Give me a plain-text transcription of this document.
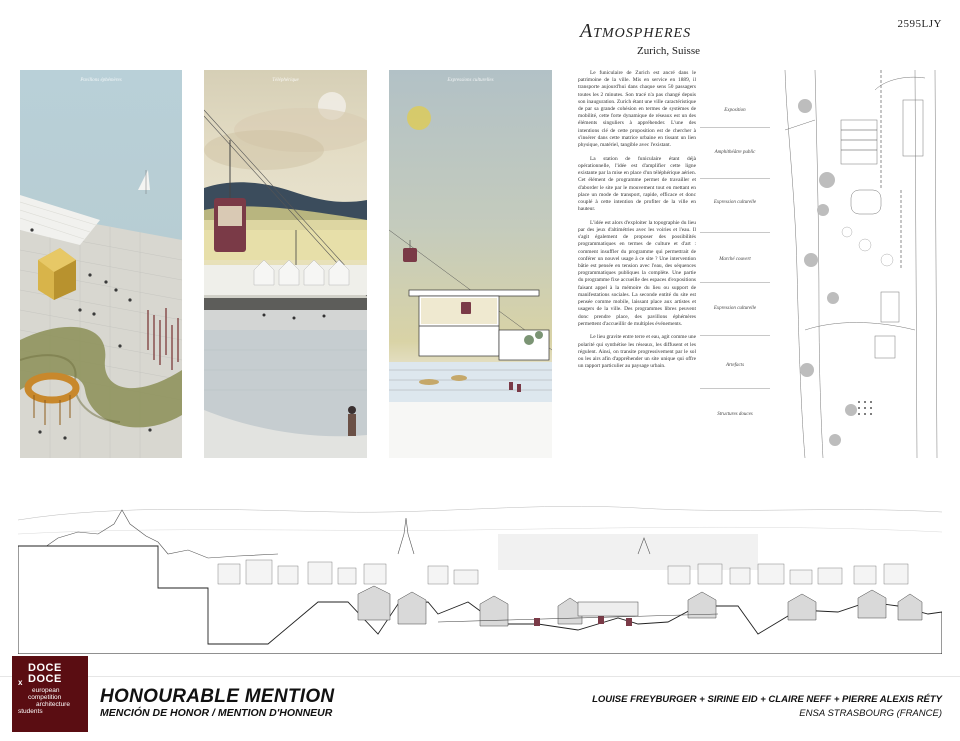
2595LJY
Atmospheres
Zurich, Suisse
Pavillons éphémères	Téléphérique	Expressions culturelles

Le funiculaire de Zurich est ancré dans le patrimoine de la ville. Mis en service en 1889, il transporte aujourd'hui dans chaque sens 50 passagers toutes les 2 minutes. Son tracé n'a pas changé depuis son inauguration. Zurich étant une ville caractéristique de par sa grande cohésion en termes de systèmes de mobilité, cette forte dynamique de réseaux est un des éléments singuliers à appréhender. L'une des intentions clé de cette proposition est de chercher à s'insérer dans cette matrice urbaine en tissant un lien physique, matériel, tangible avec l'existant.

La station de funiculaire étant déjà opérationnelle, l'idée est d'amplifier cette ligne existante par la mise en place d'un téléphérique aérien. Cet élément de programme permet de travailler et d'aborder le site par le mouvement tout en mettant en place un mode de transport, rapide, efficace et donc couplé à cette intention de profiter de la ville en hauteur.

L'idée est alors d'exploiter la topographie du lieu par des jeux d'altimétries avec les voiries et l'eau. Il s'agit également de proposer des possibilités programmatiques en termes de culture et d'art : comment insuffler du programme qui permettrait de conférer un nouvel usage à ce site ? Une intervention bâtie est pensée en tension avec l'eau, des séquences programmatiques publiques la complète. Une partie du programme fixe accueille des espaces d'expositions faisant appel à la mémoire du lieu ou support de manifestations sociales. La seconde entité du site est pensée comme mobile, laissant place aux artistes et usagers de la ville. Des programmes libres peuvent donc prendre place, des pavillons éphémères permettent d'accueillir de multiples événements.

Le lieu gravite entre terre et eau, agit comme une polarité qui synthétise les réseaux, les diffusent et les régulent. Ainsi, on transite progressivement par le sol ou les airs afin d'appréhender un site unique qui offre un rapport particulier au paysage urbain.

Exposition
Amphithéâtre public
Expression culturelle
Marché couvert
Expression culturelle
Artefacts
Structures douces
DOCE
x DOCE
european
competition
architecture
students
HONOURABLE MENTION
MENCIÓN DE HONOR / MENTION D'HONNEUR
LOUISE FREYBURGER + SIRINE EID + CLAIRE NEFF + PIERRE ALEXIS RÉTY
ENSA STRASBOURG (FRANCE)
